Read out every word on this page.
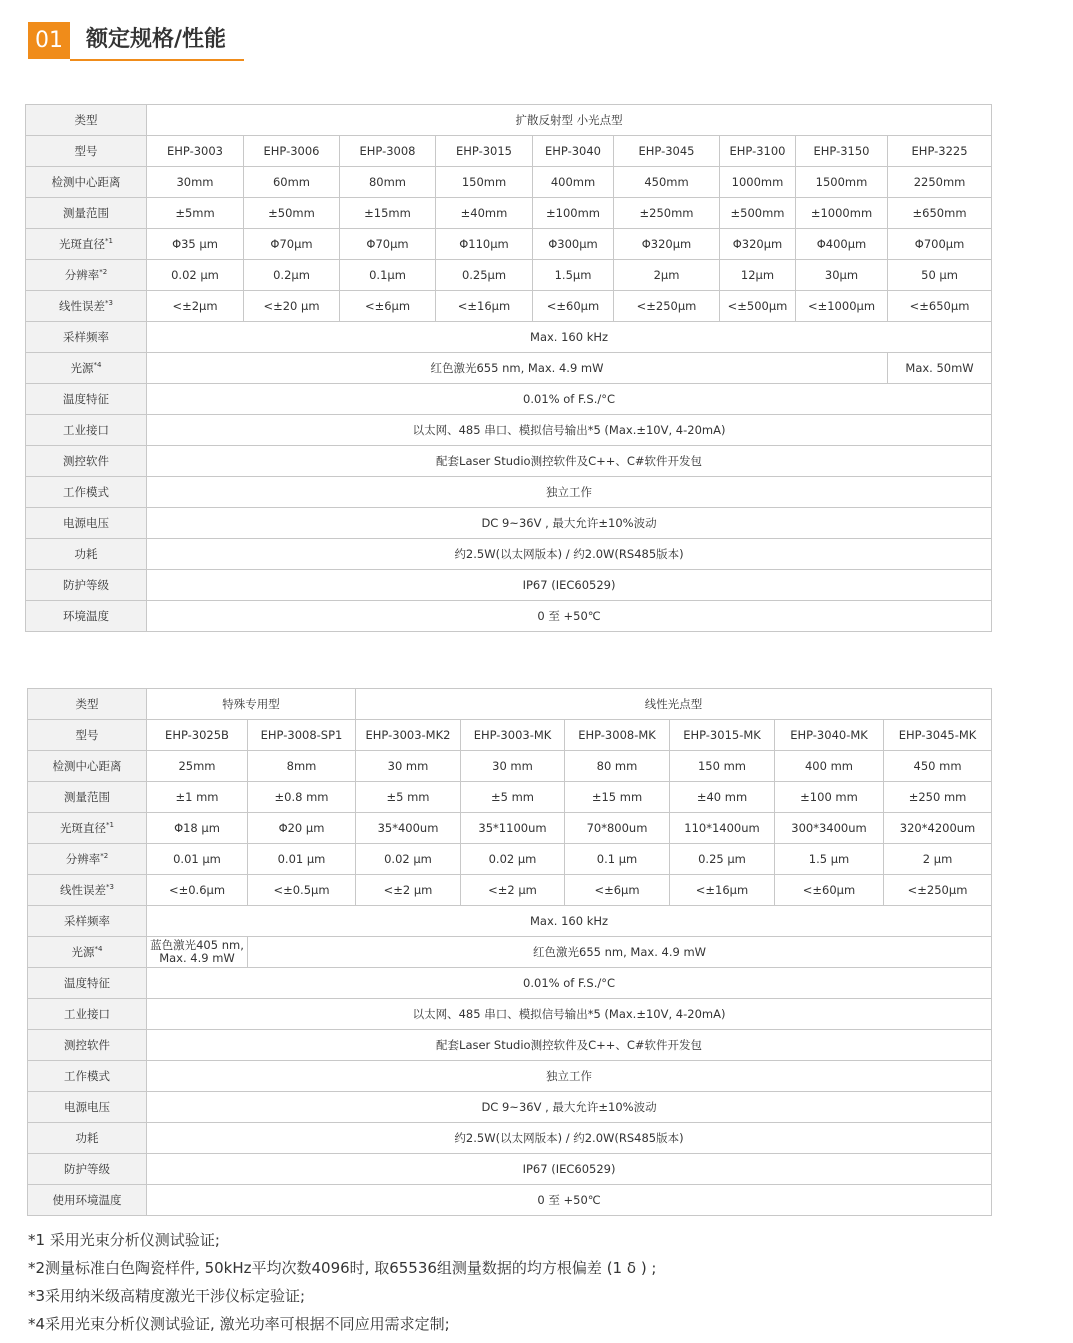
01	额定规格/性能
类型	扩散反射型 小光点型								
型号	EHP-3003	EHP-3006	EHP-3008	EHP-3015	EHP-3040	EHP-3045	EHP-3100	EHP-3150	EHP-3225
检测中心距离	30mm	60mm	80mm	150mm	400mm	450mm	1000mm	1500mm	2250mm
测量范围	±5mm	±50mm	±15mm	±40mm	±100mm	±250mm	±500mm	±1000mm	±650mm
光斑直径$^{*1}$	Φ35 μm	Φ70μm	Φ70μm	Φ110μm	Φ300μm	Φ320μm	Φ320μm	Φ400μm	Φ700μm
分辨率$^{*2}$	0.02 μm	0.2μm	0.1μm	0.25μm	1.5μm	2μm	12μm	30μm	50 μm
线性误差$^{*3}$	<±2μm	<±20 μm	<±6μm	<±16μm	<±60μm	<±250μm	<±500μm	<±1000μm	<±650μm
采样频率	Max. 160 kHz								
光源$^{*4}$	红色激光655 nm, Max. 4.9 mW								Max. 50mW
温度特征	0.01% of F.S./°C								
工业接口	以太网、485 串口、模拟信号输出*5 (Max.±10V, 4-20mA)								
测控软件	配套Laser Studio测控软件及C++、C#软件开发包								
工作模式	独立工作								
电源电压	DC 9~36V , 最大允许±10%波动								
功耗	约2.5W(以太网版本) / 约2.0W(RS485版本)								
防护等级	IP67 (IEC60529)								
环境温度	0 至 +50℃								
类型	特殊专用型		线性光点型					
型号	EHP-3025B	EHP-3008-SP1	EHP-3003-MK2	EHP-3003-MK	EHP-3008-MK	EHP-3015-MK	EHP-3040-MK	EHP-3045-MK
检测中心距离	25mm	8mm	30 mm	30 mm	80 mm	150 mm	400 mm	450 mm
测量范围	±1 mm	±0.8 mm	±5 mm	±5 mm	±15 mm	±40 mm	±100 mm	±250 mm
光斑直径$^{*1}$	Φ18 μm	Φ20 μm	35*400um	35*1100um	70*800um	110*1400um	300*3400um	320*4200um
分辨率$^{*2}$	0.01 μm	0.01 μm	0.02 μm	0.02 μm	0.1 μm	0.25 μm	1.5 μm	2 μm
线性误差$^{*3}$	<±0.6μm	<±0.5μm	<±2 μm	<±2 μm	<±6μm	<±16μm	<±60μm	<±250μm
采样频率	Max. 160 kHz							
光源$^{*4}$	蓝色激光405 nm, Max. 4.9 mW	红色激光655 nm, Max. 4.9 mW						
温度特征	0.01% of F.S./°C							
工业接口	以太网、485 串口、模拟信号输出*5 (Max.±10V, 4-20mA)							
测控软件	配套Laser Studio测控软件及C++、C#软件开发包							
工作模式	独立工作							
电源电压	DC 9~36V , 最大允许±10%波动							
功耗	约2.5W(以太网版本) / 约2.0W(RS485版本)							
防护等级	IP67 (IEC60529)							
使用环境温度	0 至 +50℃							
*1 采用光束分析仪测试验证;
*2测量标准白色陶瓷样件, 50kHz平均次数4096时, 取65536组测量数据的均方根偏差 (1 δ ) ;
*3采用纳米级高精度激光干涉仪标定验证;
*4采用光束分析仪测试验证, 激光功率可根据不同应用需求定制;
